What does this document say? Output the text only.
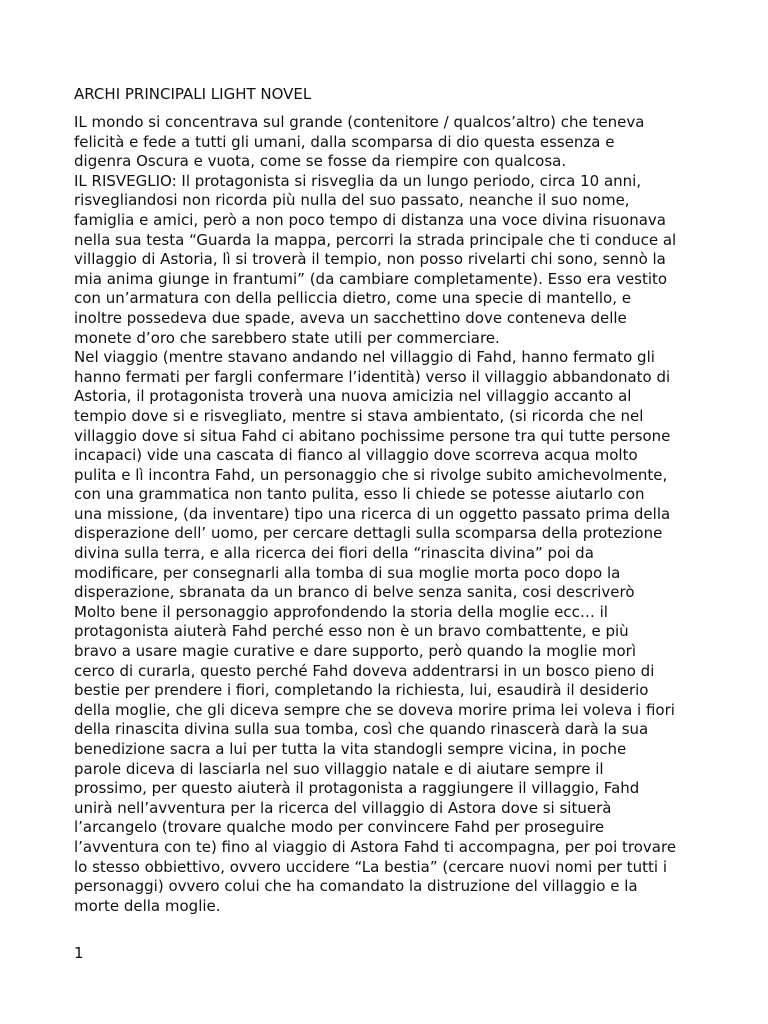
ARCHI PRINCIPALI LIGHT NOVEL
IL mondo si concentrava sul grande (contenitore / qualcos’altro) che teneva
felicità e fede a tutti gli umani, dalla scomparsa di dio questa essenza e
digenra Oscura e vuota, come se fosse da riempire con qualcosa.
IL RISVEGLIO: Il protagonista si risveglia da un lungo periodo, circa 10 anni,
risvegliandosi non ricorda più nulla del suo passato, neanche il suo nome,
famiglia e amici, però a non poco tempo di distanza una voce divina risuonava
nella sua testa “Guarda la mappa, percorri la strada principale che ti conduce al
villaggio di Astoria, lì si troverà il tempio, non posso rivelarti chi sono, sennò la
mia anima giunge in frantumi” (da cambiare completamente). Esso era vestito
con un’armatura con della pelliccia dietro, come una specie di mantello, e
inoltre possedeva due spade, aveva un sacchettino dove conteneva delle
monete d’oro che sarebbero state utili per commerciare.
Nel viaggio (mentre stavano andando nel villaggio di Fahd, hanno fermato gli
hanno fermati per fargli confermare l’identità) verso il villaggio abbandonato di
Astoria, il protagonista troverà una nuova amicizia nel villaggio accanto al
tempio dove si e risvegliato, mentre si stava ambientato, (si ricorda che nel
villaggio dove si situa Fahd ci abitano pochissime persone tra qui tutte persone
incapaci) vide una cascata di fianco al villaggio dove scorreva acqua molto
pulita e lì incontra Fahd, un personaggio che si rivolge subito amichevolmente,
con una grammatica non tanto pulita, esso li chiede se potesse aiutarlo con
una missione, (da inventare) tipo una ricerca di un oggetto passato prima della
disperazione dell’ uomo, per cercare dettagli sulla scomparsa della protezione
divina sulla terra, e alla ricerca dei fiori della “rinascita divina” poi da
modificare, per consegnarli alla tomba di sua moglie morta poco dopo la
disperazione, sbranata da un branco di belve senza sanita, cosi descriverò
Molto bene il personaggio approfondendo la storia della moglie ecc… il
protagonista aiuterà Fahd perché esso non è un bravo combattente, e più
bravo a usare magie curative e dare supporto, però quando la moglie morì
cerco di curarla, questo perché Fahd doveva addentrarsi in un bosco pieno di
bestie per prendere i fiori, completando la richiesta, lui, esaudirà il desiderio
della moglie, che gli diceva sempre che se doveva morire prima lei voleva i fiori
della rinascita divina sulla sua tomba, così che quando rinascerà darà la sua
benedizione sacra a lui per tutta la vita standogli sempre vicina, in poche
parole diceva di lasciarla nel suo villaggio natale e di aiutare sempre il
prossimo, per questo aiuterà il protagonista a raggiungere il villaggio, Fahd
unirà nell’avventura per la ricerca del villaggio di Astora dove si situerà
l’arcangelo (trovare qualche modo per convincere Fahd per proseguire
l’avventura con te) fino al viaggio di Astora Fahd ti accompagna, per poi trovare
lo stesso obbiettivo, ovvero uccidere “La bestia” (cercare nuovi nomi per tutti i
personaggi) ovvero colui che ha comandato la distruzione del villaggio e la
morte della moglie.
1
